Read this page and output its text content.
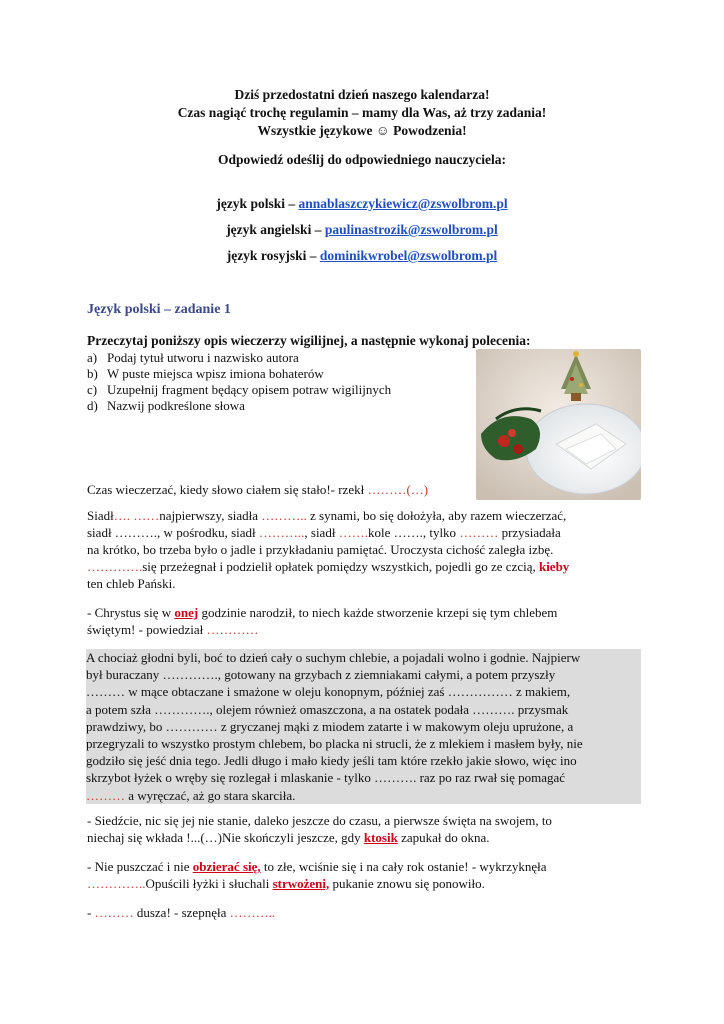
Dziś przedostatni dzień naszego kalendarza!
Czas nagiąć trochę regulamin – mamy dla Was, aż trzy zadania!
Wszystkie językowe ☺ Powodzenia!
Odpowiedź odeślij do odpowiedniego nauczyciela:
język polski – annablaszczykiewicz@zswolbrom.pl
język angielski – paulinastrozik@zswolbrom.pl
język rosyjski – dominikwrobel@zswolbrom.pl
Język polski – zadanie 1
Przeczytaj poniższy opis wieczerzy wigilijnej, a następnie wykonaj polecenia:
a) Podaj tytuł utworu i nazwisko autora
b) W puste miejsca wpisz imiona bohaterów
c) Uzupełnij fragment będący opisem potraw wigilijnych
d) Nazwij podkreślone słowa
Czas wieczerzać, kiedy słowo ciałem się stało!- rzekł ………(…)
Siadł…. ……najpierwszy, siadła ……….. z synami, bo się dołożyła, aby razem wieczerzać,
siadł ………., w pośrodku, siadł ……….., siadł …….kole ……., tylko ……… przysiadała
na krótko, bo trzeba było o jadle i przykładaniu pamiętać. Uroczysta cichość zaległa izbę.
………….się przeżegnał i podzielił opłatek pomiędzy wszystkich, pojedli go ze czcią, kieby
ten chleb Pański.
- Chrystus się w onej godzinie narodził, to niech każde stworzenie krzepi się tym chlebem
świętym! - powiedział …………
A chociaż głodni byli, boć to dzień cały o suchym chlebie, a pojadali wolno i godnie. Najpierw
był buraczany …………., gotowany na grzybach z ziemniakami całymi, a potem przyszły
……… w mące obtaczane i smażone w oleju konopnym, później zaś …………… z makiem,
a potem szła …………., olejem również omaszczona, a na ostatek podała ………. przysmak
prawdziwy, bo ………… z gryczanej mąki z miodem zatarte i w makowym oleju uprużone, a
przegryzali to wszystko prostym chlebem, bo placka ni strucli, że z mlekiem i masłem były, nie
godziło się jeść dnia tego. Jedli długo i mało kiedy jeśli tam które rzekło jakie słowo, więc ino
skrzybot łyżek o wręby się rozlegał i mlaskanie - tylko ………. raz po raz rwał się pomagać
……… a wyręczać, aż go stara skarciła.
- Siedźcie, nic się jej nie stanie, daleko jeszcze do czasu, a pierwsze święta na swojem, to
niechaj się wkłada !...(…)Nie skończyli jeszcze, gdy ktosik zapukał do okna.
- Nie puszczać i nie obzierać się, to złe, wciśnie się i na cały rok ostanie! - wykrzyknęła
…………..Opuścili łyżki i słuchali strwożeni, pukanie znowu się ponowiło.
- ……… dusza! - szepnęła ………..
